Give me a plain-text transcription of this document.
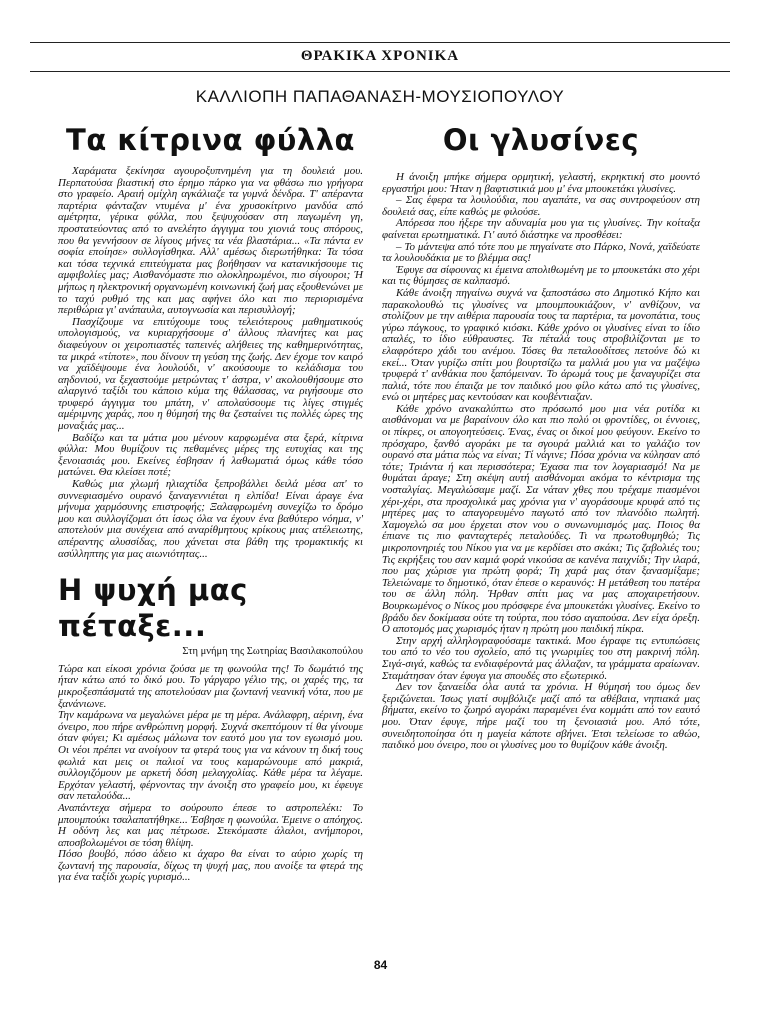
ΘΡΑΚΙΚΑ ΧΡΟΝΙΚΑ
ΚΑΛΛΙΟΠΗ ΠΑΠΑΘΑΝΑΣΗ-ΜΟΥΣΙΟΠΟΥΛΟΥ
Τα κίτρινα φύλλα

Χαράματα ξεκίνησα αγουροξυπνημένη για τη δουλειά μου. Περπατούσα βιαστική στο έρημο πάρκο για να φθάσω πιο γρήγορα στο γραφείο. Αραιή ομίχλη αγκάλιαζε τα γυμνά δένδρα. Τ' απέραντα παρτέρια φάνταζαν ντυμένα μ' ένα χρυσοκίτρινο μανδύα από αμέτρητα, γέρικα φύλλα, που ξεψυχούσαν στη παγωμένη γη, προστατεύοντας από το ανελέητο άγγιγμα του χιονιά τους σπόρους, που θα γεννήσουν σε λίγους μήνες τα νέα βλαστάρια... «Τα πάντα εν σοφία εποίησε» συλλογίσθηκα. Αλλ' αμέσως διερωτήθηκα: Τα τόσα και τόσα τεχνικά επιτεύγματα μας βοήθησαν να κατανικήσουμε τις αμφιβολίες μας; Αισθανόμαστε πιο ολοκληρωμένοι, πιο σίγουροι; Ή μήπως η ηλεκτρονική οργανωμένη κοινωνική ζωή μας εξουθενώνει με το ταχύ ρυθμό της και μας αφήνει όλο και πιο περιορισμένα περιθώρια γι' ανάπαυλα, αυτογνωσία και περισυλλογή;

Πασχίζουμε να επιτύχουμε τους τελειότερους μαθηματικούς υπολογισμούς, να κυριαρχήσουμε σ' άλλους πλανήτες και μας διαφεύγουν οι χειροπιαστές ταπεινές αλήθειες της καθημερινότητας, τα μικρά «τίποτε», που δίνουν τη γεύση της ζωής. Δεν έχομε τον καιρό να χαϊδέψουμε ένα λουλούδι, ν' ακούσουμε το κελάδισμα του αηδονιού, να ξεχαστούμε μετρώντας τ' άστρα, ν' ακολουθήσουμε στο αλαργινό ταξίδι του κάποιο κύμα της θάλασσας, να ριγήσουμε στο τρυφερό άγγιγμα του μπάτη, ν' απολαύσουμε τις λίγες στιγμές αμέριμνης χαράς, που η θύμησή της θα ζεσταίνει τις πολλές ώρες της μοναξιάς μας...

Βαδίζω και τα μάτια μου μένουν καρφωμένα στα ξερά, κίτρινα φύλλα: Μου θυμίζουν τις πεθαμένες μέρες της ευτυχίας και της ξενοιασιάς μου. Εκείνες έσβησαν ή λαθωματιά όμως κάθε τόσο ματώνει. Θα κλείσει ποτέ;

Καθώς μια χλωμή ηλιαχτίδα ξεπροβάλλει δειλά μέσα απ' το συννεφιασμένο ουρανό ξαναγεννιέται η ελπίδα! Είναι άραγε ένα μήνυμα χαρμόσυνης επιστροφής; Ξαλαφρωμένη συνεχίζω το δρόμο μου και συλλογίζομαι ότι ίσως όλα να έχουν ένα βαθύτερο νόημα, ν' αποτελούν μια συνέχεια από αναρίθμητους κρίκους μιας ατέλειωτης, απέραντης αλυσσίδας, που χάνεται στα βάθη της τρομακτικής κι ασύλληπτης για μας αιωνιότητας...

Η ψυχή μας πέταξε...
Στη μνήμη της Σωτηρίας Βασιλακοπούλου

Τώρα και είκοσι χρόνια ζούσα με τη φωνούλα της! Το δωμάτιό της ήταν κάτω από το δικό μου. Το γάργαρο γέλιο της, οι χαρές της, τα μικροξεσπάσματά της αποτελούσαν μια ζωντανή νεανική νότα, που με ξανάνιωνε.

Την καμάρωνα να μεγαλώνει μέρα με τη μέρα. Ανάλαφρη, αέρινη, ένα όνειρο, που πήρε ανθρώπινη μορφή. Συχνά σκεπτόμουν τί θα γίνουμε όταν φύγει; Κι αμέσως μάλωνα τον εαυτό μου για τον εγωισμό μου. Οι νέοι πρέπει να ανοίγουν τα φτερά τους για να κάνουν τη δική τους φωλιά και μεις οι παλιοί να τους καμαρώνουμε από μακριά, συλλογιζόμουν με αρκετή δόση μελαγχολίας. Κάθε μέρα τα λέγαμε. Ερχόταν γελαστή, φέρνοντας την άνοιξη στο γραφείο μου, κι έφευγε σαν πεταλούδα...

Αναπάντεχα σήμερα το σούρουπο έπεσε το αστροπελέκι: Το μπουμπούκι τσαλαπατήθηκε... Έσβησε η φωνούλα. Έμεινε ο απόηχος. Η οδύνη λες και μας πέτρωσε. Στεκόμαστε άλαλοι, ανήμποροι, αποσβολωμένοι σε τόση θλίψη.

Πόσο βουβό, πόσο άδειο κι άχαρο θα είναι το αύριο χωρίς τη ζωντανή της παρουσία, δίχως τη ψυχή μας, που ανοίξε τα φτερά της για ένα ταξίδι χωρίς γυρισμό...

Οι γλυσίνες

Η άνοιξη μπήκε σήμερα ορμητική, γελαστή, εκρηκτική στο μουντό εργαστήρι μου: Ήταν η βαφτιστικιά μου μ' ένα μπουκετάκι γλυσίνες.

– Σας έφερα τα λουλούδια, που αγαπάτε, να σας συντροφεύουν στη δουλειά σας, είπε καθώς με φιλούσε.

Απόρεσα που ήξερε την αδυναμία μου για τις γλυσίνες. Την κοίταξα φαίνεται ερωτηματικά. Γι' αυτό διάστηκε να προσθέσει:

– Το μάντεψα από τότε που με πηγαίνατε στο Πάρκο, Νονά, χαϊδεύατε τα λουλουδάκια με το βλέμμα σας!

Έφυγε σα σίφουνας κι έμεινα απολιθωμένη με το μπουκετάκι στο χέρι και τις θύμησες σε καλπασμό.

Κάθε άνοιξη πηγαίνω συχνά να ξαποστάσω στο Δημοτικό Κήπο και παρακολουθώ τις γλυσίνες να μπουμπουκιάζουν, ν' ανθίζουν, να στολίζουν με την αιθέρια παρουσία τους τα παρτέρια, τα μονοπάτια, τους γύρω πάγκους, το γραφικό κιόσκι. Κάθε χρόνο οι γλυσίνες είναι το ίδιο απαλές, το ίδιο εύθραυστες. Τα πέταλά τους στροβιλίζονται με το ελαφρότερο χάδι του ανέμου. Τόσες θα πεταλουδίτσες πετούνε δώ κι εκεί... Όταν γυρίζω σπίτι μου βουρτσίζω τα μαλλιά μου για να μαζέψω τρυφερά τ' ανθάκια που ξαπόμειναν. Το άρωμά τους με ξαναγυρίζει στα παλιά, τότε που έπαιζα με τον παιδικό μου φίλο κάτω από τις γλυσίνες, ενώ οι μητέρες μας κεντούσαν και κουβέντιαζαν.

Κάθε χρόνο ανακαλύπτω στο πρόσωπό μου μια νέα ρυτίδα κι αισθάνομαι να με βαραίνουν όλο και πιο πολύ οι φροντίδες, οι έννοιες, οι πίκρες, οι απογοητεύσεις. Ένας, ένας οι δικοί μου φεύγουν. Εκείνο το πρόσχαρο, ξανθό αγοράκι με τα σγουρά μαλλιά και το γαλάζιο τον ουρανό στα μάτια πώς να είναι; Τί νάγινε; Πόσα χρόνια να κύλησαν από τότε; Τριάντα ή και περισσότερα; Έχασα πια τον λογαριασμό! Να με θυμάται άραγε; Στη σκέψη αυτή αισθάνομαι ακόμα το κέντρισμα της νοσταλγίας. Μεγαλώσαμε μαζί. Σα νάταν χθες που τρέχαμε πιασμένοι χέρι-χέρι, στα προσχολικά μας χρόνια για ν' αγοράσουμε κρυφά από τις μητέρες μας το απαγορευμένο παγωτό από τον πλανόδιο πωλητή. Χαμογελώ σα μου έρχεται στον νου ο συνωνυμισμός μας. Ποιος θα έπιανε τις πιο φανταχτερές πεταλούδες. Τι να πρωτοθυμηθώ; Τις μικροπονηριές του Νίκου για να με κερδίσει στο σκάκι; Τις ζαβολιές του; Τις εκρήξεις του σαν καμιά φορά νικούσα σε κανένα παιχνίδι; Την ιλαρά, που μας χώρισε για πρώτη φορά; Τη χαρά μας όταν ξανασμίξαμε; Τελειώναμε το δημοτικό, όταν έπεσε ο κεραυνός: Η μετάθεση του πατέρα του σε άλλη πόλη. Ήρθαν σπίτι μας να μας αποχαιρετήσουν. Βουρκωμένος ο Νίκος μου πρόσφερε ένα μπουκετάκι γλυσίνες. Εκείνο το βράδυ δεν δοκίμασα ούτε τη τούρτα, που τόσο αγαπούσα. Δεν είχα όρεξη. Ο αποτομός μας χωρισμός ήταν η πρώτη μου παιδική πίκρα.

Στην αρχή αλληλογραφούσαμε τακτικά. Μου έγραφε τις εντυπώσεις του από το νέο του σχολείο, από τις γνωριμίες του στη μακρινή πόλη. Σιγά-σιγά, καθώς τα ενδιαφέροντά μας άλλαζαν, τα γράμματα αραίωναν. Σταμάτησαν όταν έφυγα για σπουδές στο εξωτερικό.

Δεν τον ξαναείδα όλα αυτά τα χρόνια. Η θύμησή του όμως δεν ξεριζώνεται. Ίσως γιατί συμβόλιζε μαζί από τα αθέβαια, νηπιακά μας βήματα, εκείνο το ζωηρό αγοράκι παραμένει ένα κομμάτι από τον εαυτό μου. Όταν έφυγε, πήρε μαζί του τη ξενοιασιά μου. Από τότε, συνειδητοποίησα ότι η μαγεία κάποτε σβήνει. Έτσι τελείωσε το αθώο, παιδικό μου όνειρο, που οι γλυσίνες μου το θυμίζουν κάθε άνοιξη.

84
